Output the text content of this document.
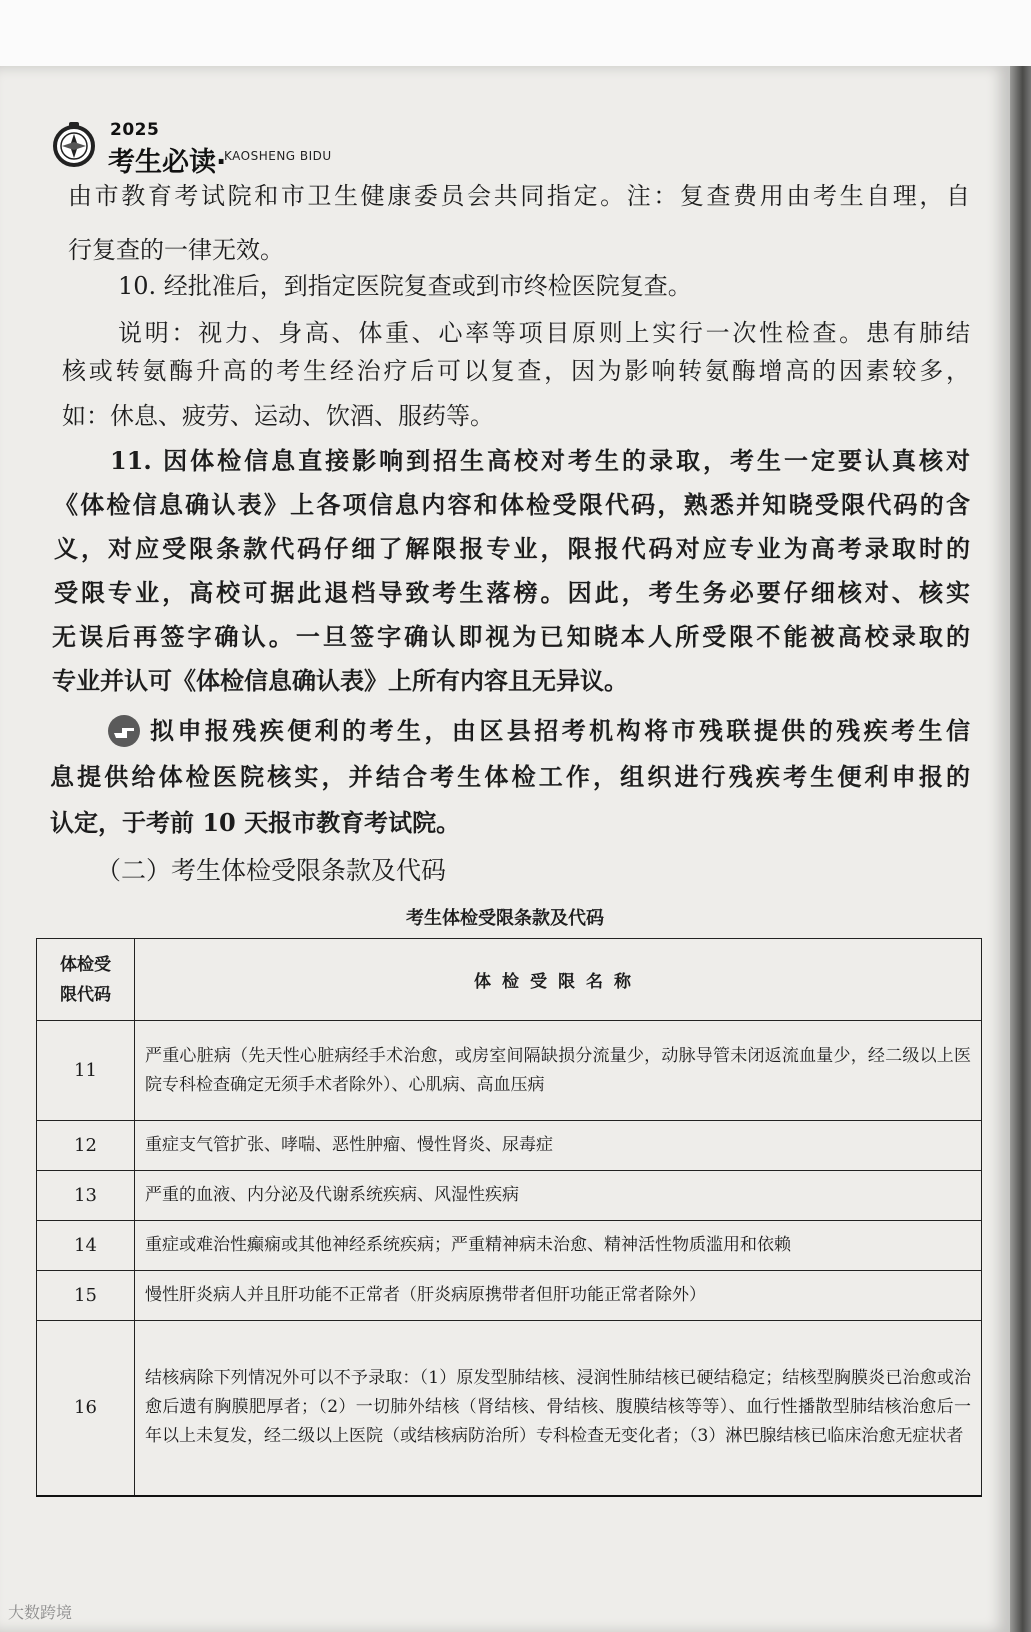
2025
考生必读·
KAOSHENG BIDU
由市教育考试院和市卫生健康委员会共同指定。注：复查费用由考生自理，自
行复查的一律无效。
10. 经批准后，到指定医院复查或到市终检医院复查。
说明：视力、身高、体重、心率等项目原则上实行一次性检查。患有肺结
核或转氨酶升高的考生经治疗后可以复查，因为影响转氨酶增高的因素较多，
如：休息、疲劳、运动、饮酒、服药等。
11. 因体检信息直接影响到招生高校对考生的录取，考生一定要认真核对
《体检信息确认表》上各项信息内容和体检受限代码，熟悉并知晓受限代码的含
义，对应受限条款代码仔细了解限报专业，限报代码对应专业为高考录取时的
受限专业，高校可据此退档导致考生落榜。因此，考生务必要仔细核对、核实
无误后再签字确认。一旦签字确认即视为已知晓本人所受限不能被高校录取的
专业并认可《体检信息确认表》上所有内容且无异议。
拟申报残疾便利的考生，由区县招考机构将市残联提供的残疾考生信
息提供给体检医院核实，并结合考生体检工作，组织进行残疾考生便利申报的
认定，于考前 10 天报市教育考试院。
（二）考生体检受限条款及代码
考生体检受限条款及代码
体检受
限代码	体检受限名称
11	严重心脏病（先天性心脏病经手术治愈，或房室间隔缺损分流量少，动脉导管未闭返流血量少，经二级以上医院专科检查确定无须手术者除外）、心肌病、高血压病
12	重症支气管扩张、哮喘、恶性肿瘤、慢性肾炎、尿毒症
13	严重的血液、内分泌及代谢系统疾病、风湿性疾病
14	重症或难治性癫痫或其他神经系统疾病；严重精神病未治愈、精神活性物质滥用和依赖
15	慢性肝炎病人并且肝功能不正常者（肝炎病原携带者但肝功能正常者除外）
16	结核病除下列情况外可以不予录取：（1）原发型肺结核、浸润性肺结核已硬结稳定；结核型胸膜炎已治愈或治愈后遗有胸膜肥厚者；（2）一切肺外结核（肾结核、骨结核、腹膜结核等等）、血行性播散型肺结核治愈后一年以上未复发，经二级以上医院（或结核病防治所）专科检查无变化者；（3）淋巴腺结核已临床治愈无症状者
大数跨境
